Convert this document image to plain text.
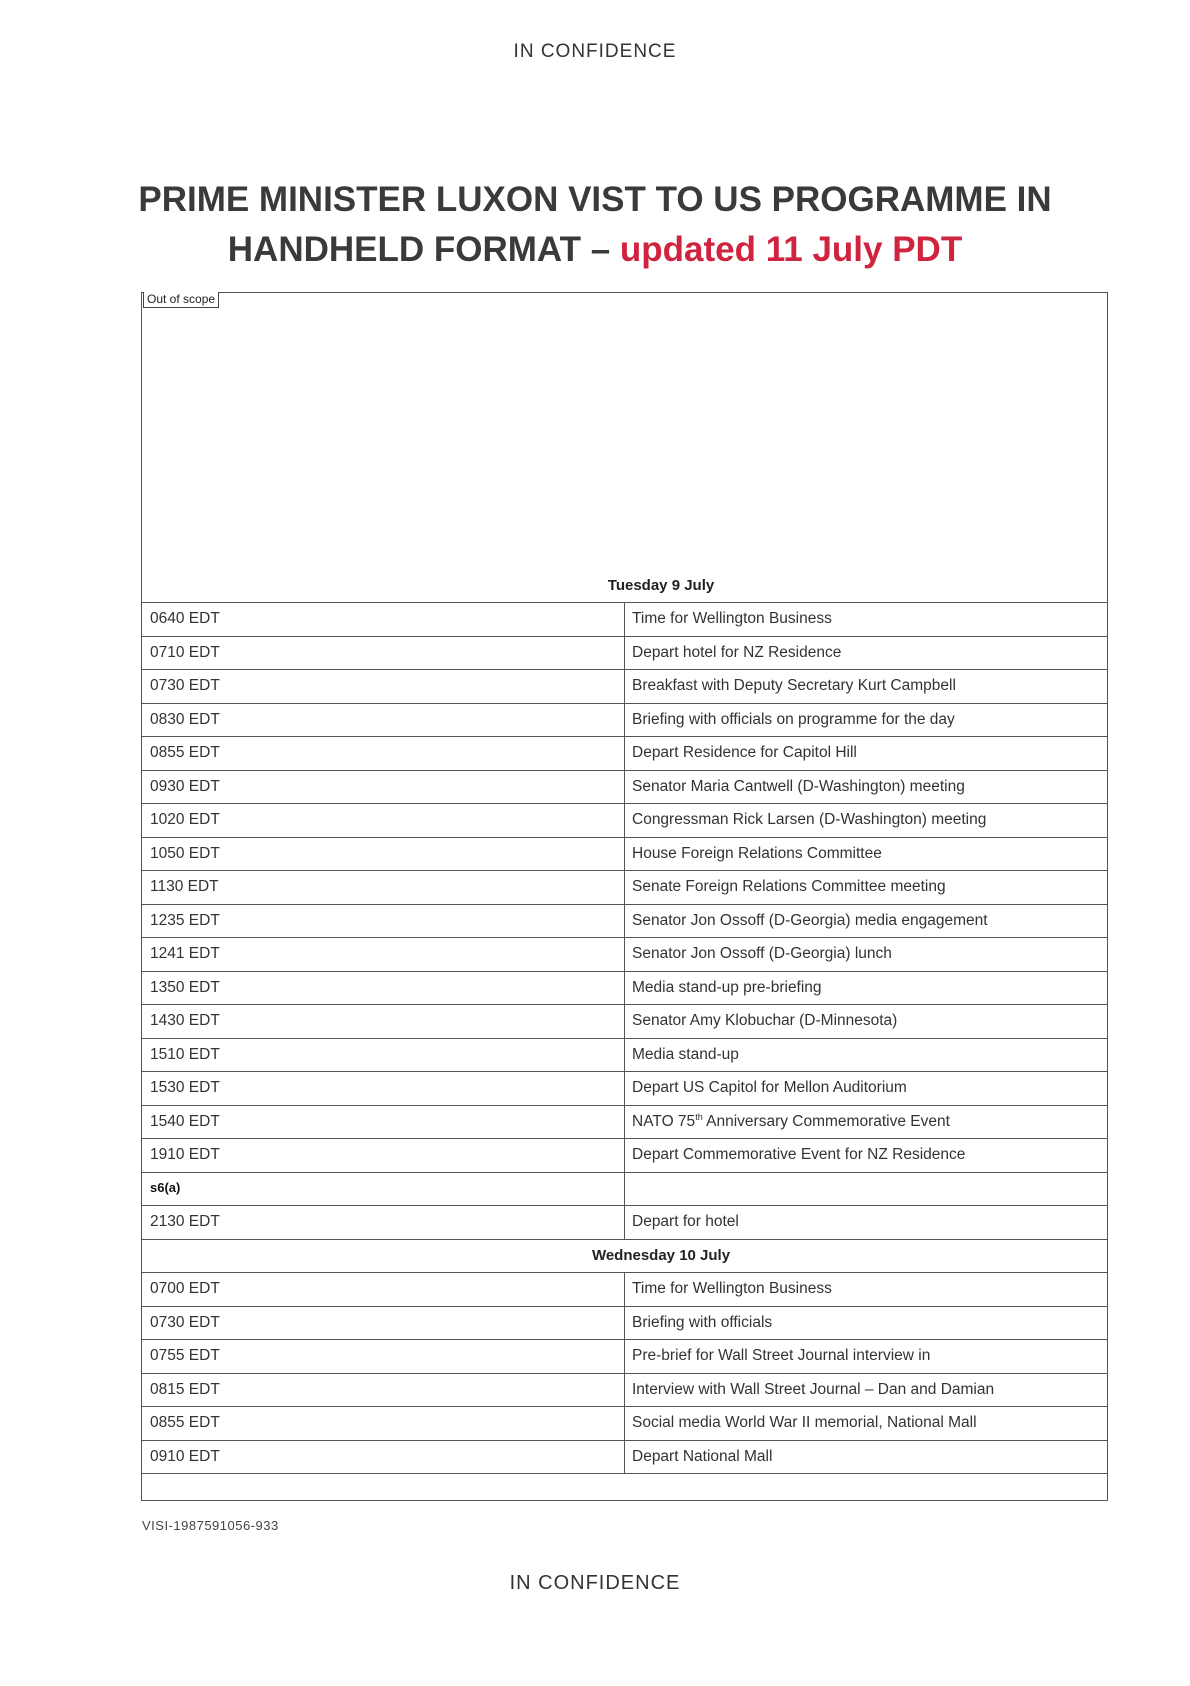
IN CONFIDENCE
PRIME MINISTER LUXON VIST TO US PROGRAMME IN HANDHELD FORMAT – updated 11 July PDT
Out of scope
Tuesday 9 July	
0640 EDT	Time for Wellington Business
0710 EDT	Depart hotel for NZ Residence
0730 EDT	Breakfast with Deputy Secretary Kurt Campbell
0830 EDT	Briefing with officials on programme for the day
0855 EDT	Depart Residence for Capitol Hill
0930 EDT	Senator Maria Cantwell (D-Washington) meeting
1020 EDT	Congressman Rick Larsen (D-Washington) meeting
1050 EDT	House Foreign Relations Committee
1130 EDT	Senate Foreign Relations Committee meeting
1235 EDT	Senator Jon Ossoff (D-Georgia) media engagement
1241 EDT	Senator Jon Ossoff (D-Georgia) lunch
1350 EDT	Media stand-up pre-briefing
1430 EDT	Senator Amy Klobuchar (D-Minnesota)
1510 EDT	Media stand-up
1530 EDT	Depart US Capitol for Mellon Auditorium
1540 EDT	NATO 75th Anniversary Commemorative Event
1910 EDT	Depart Commemorative Event for NZ Residence
s6(a)	
2130 EDT	Depart for hotel
Wednesday 10 July	
0700 EDT	Time for Wellington Business
0730 EDT	Briefing with officials
0755 EDT	Pre-brief for Wall Street Journal interview in
0815 EDT	Interview with Wall Street Journal – Dan and Damian
0855 EDT	Social media World War II memorial, National Mall
0910 EDT	Depart National Mall
VISI-1987591056-933
IN CONFIDENCE
